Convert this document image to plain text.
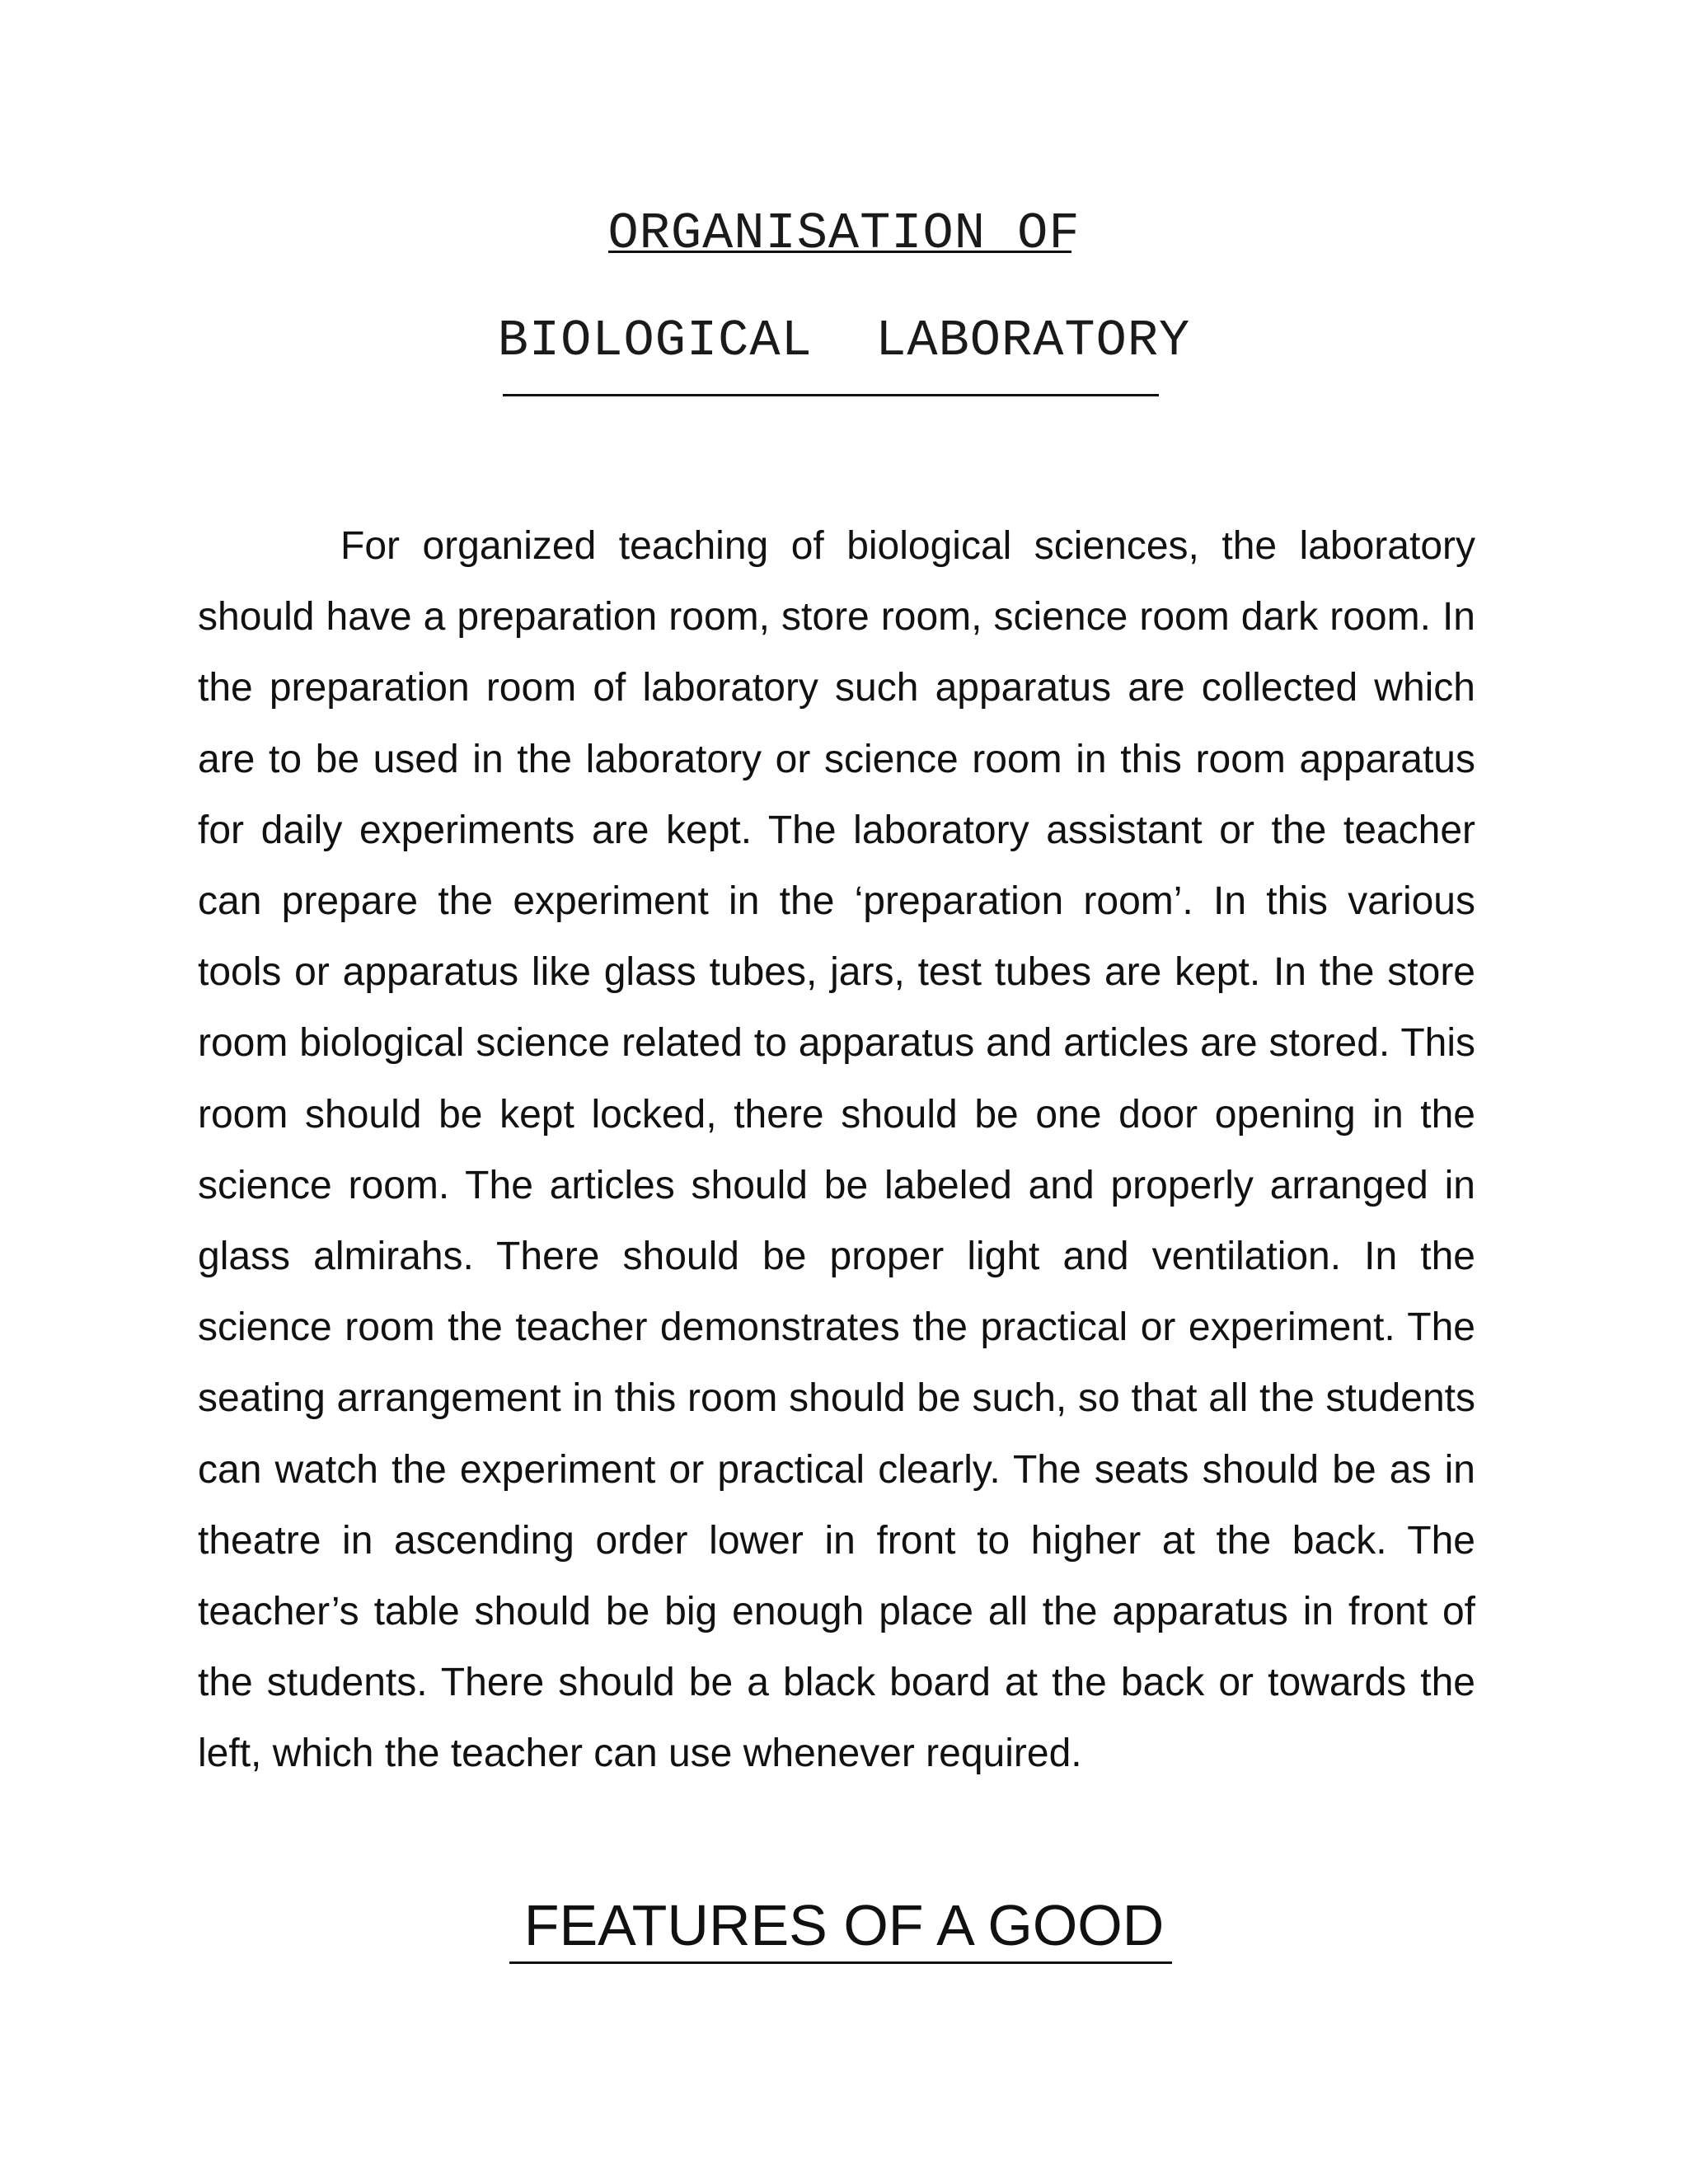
ORGANISATION OF
BIOLOGICAL  LABORATORY

For organized teaching of biological sciences, the laboratory should have a preparation room, store room, science room dark room. In the preparation room of laboratory such apparatus are collected which are to be used in the laboratory or science room in this room apparatus for daily experiments are kept. The laboratory assistant or the teacher can prepare the experiment in the ‘preparation room’. In this various tools or apparatus like glass tubes, jars, test tubes are kept. In the store room biological science related to apparatus and articles are stored. This room should be kept locked, there should be one door opening in the science room. The articles should be labeled and properly arranged in glass almirahs. There should be proper light and ventilation. In the science room the teacher demonstrates the practical or experiment. The seating arrangement in this room should be such, so that all the students can watch the experiment or practical clearly. The seats should be as in theatre in ascending order lower in front to higher at the back. The teacher’s table should be big enough place all the apparatus in front of the students. There should be a black board at the back or towards the left, which the teacher can use whenever required.

FEATURES OF A GOOD
